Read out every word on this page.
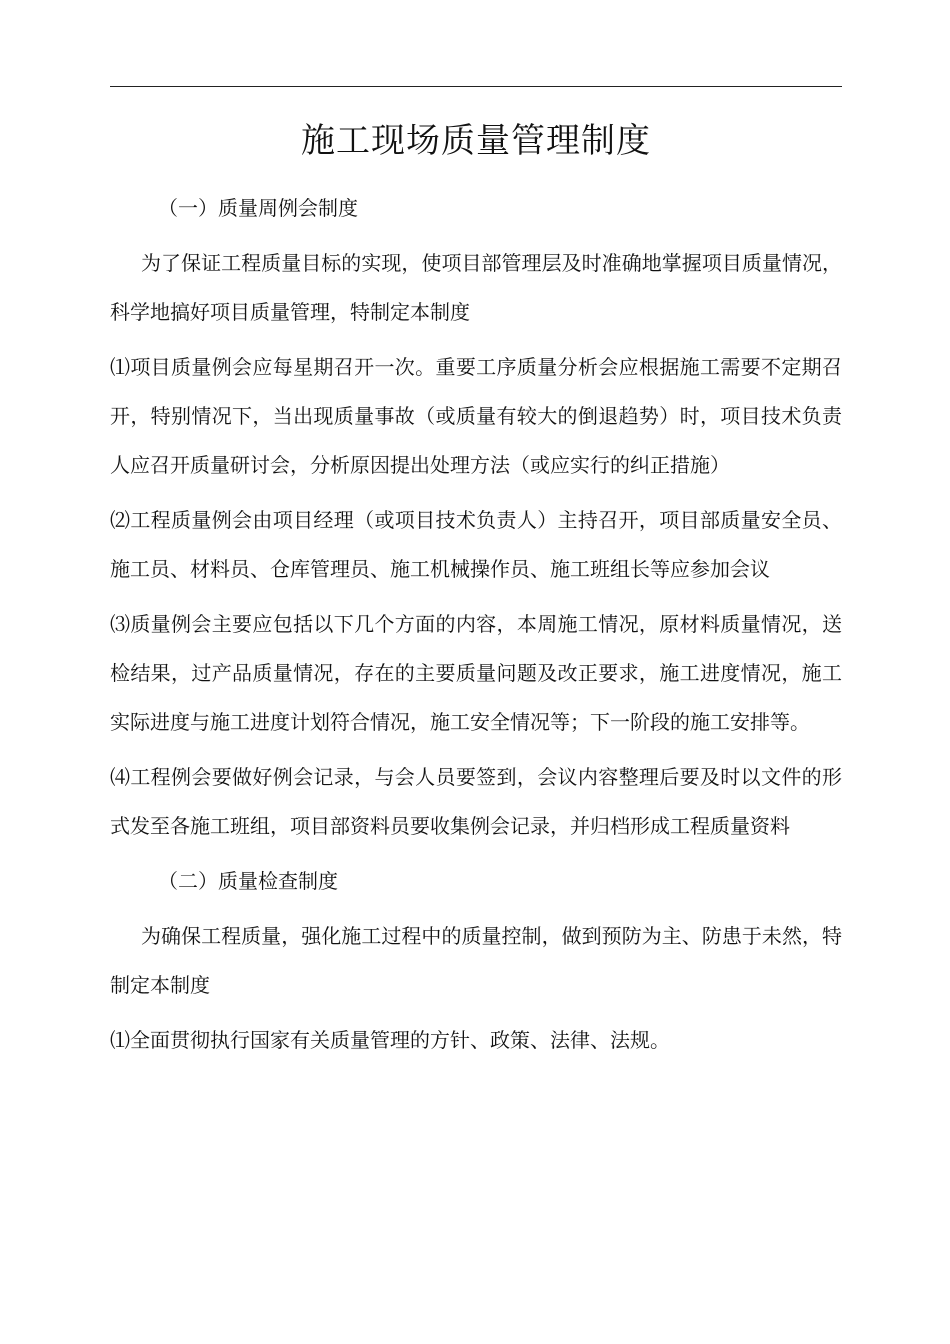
施工现场质量管理制度

（一）质量周例会制度

为了保证工程质量目标的实现，使项目部管理层及时准确地掌握项目质量情况，科学地搞好项目质量管理，特制定本制度

⑴项目质量例会应每星期召开一次。重要工序质量分析会应根据施工需要不定期召开，特别情况下，当出现质量事故（或质量有较大的倒退趋势）时，项目技术负责人应召开质量研讨会，分析原因提出处理方法（或应实行的纠正措施）

⑵工程质量例会由项目经理（或项目技术负责人）主持召开，项目部质量安全员、施工员、材料员、仓库管理员、施工机械操作员、施工班组长等应参加会议

⑶质量例会主要应包括以下几个方面的内容，本周施工情况，原材料质量情况，送检结果，过产品质量情况，存在的主要质量问题及改正要求，施工进度情况，施工实际进度与施工进度计划符合情况，施工安全情况等；下一阶段的施工安排等。

⑷工程例会要做好例会记录，与会人员要签到，会议内容整理后要及时以文件的形式发至各施工班组，项目部资料员要收集例会记录，并归档形成工程质量资料

（二）质量检查制度

为确保工程质量，强化施工过程中的质量控制，做到预防为主、防患于未然，特制定本制度

⑴全面贯彻执行国家有关质量管理的方针、政策、法律、法规。
